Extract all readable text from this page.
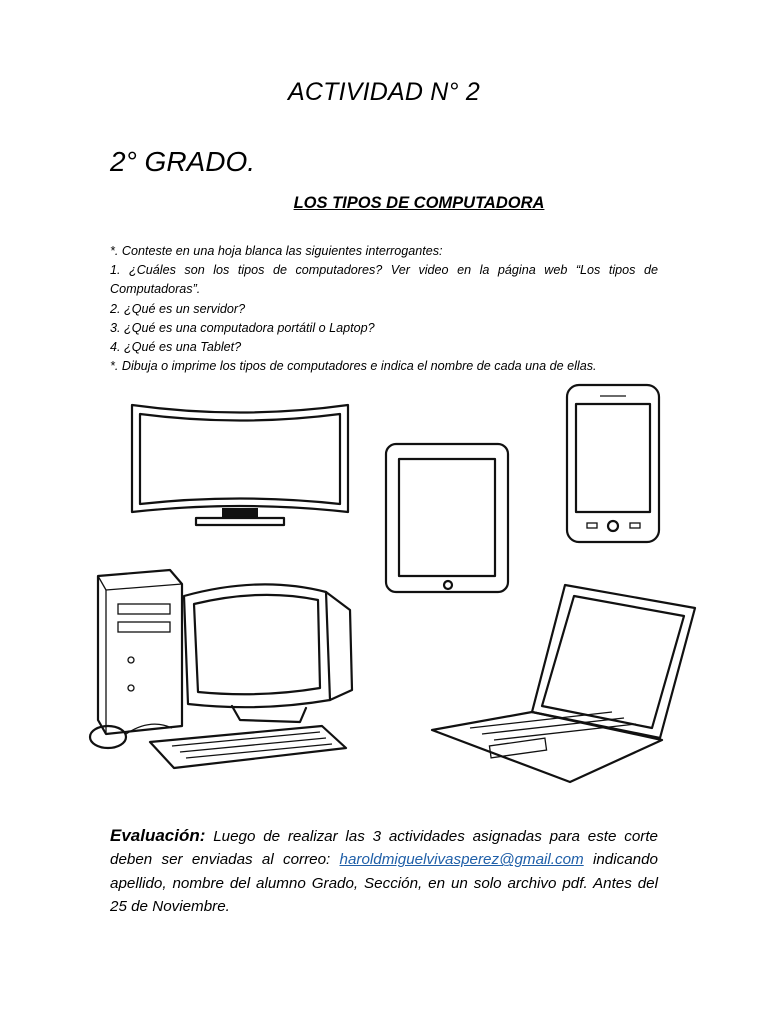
ACTIVIDAD N° 2
2° GRADO.
LOS TIPOS DE COMPUTADORA

*. Conteste en una hoja blanca las siguientes interrogantes:

1. ¿Cuáles son los tipos de computadores? Ver video en la página web “Los tipos de Computadoras”.

2. ¿Qué es un servidor?

3. ¿Qué es una computadora portátil o Laptop?

4. ¿Qué es una Tablet?

*. Dibuja o imprime los tipos de computadores e indica el nombre de cada una de ellas.

Evaluación: Luego de realizar las 3 actividades asignadas para este corte deben ser enviadas al correo: haroldmiguelvivasperez@gmail.com indicando apellido, nombre del alumno Grado, Sección, en un solo archivo pdf. Antes del 25 de Noviembre.
